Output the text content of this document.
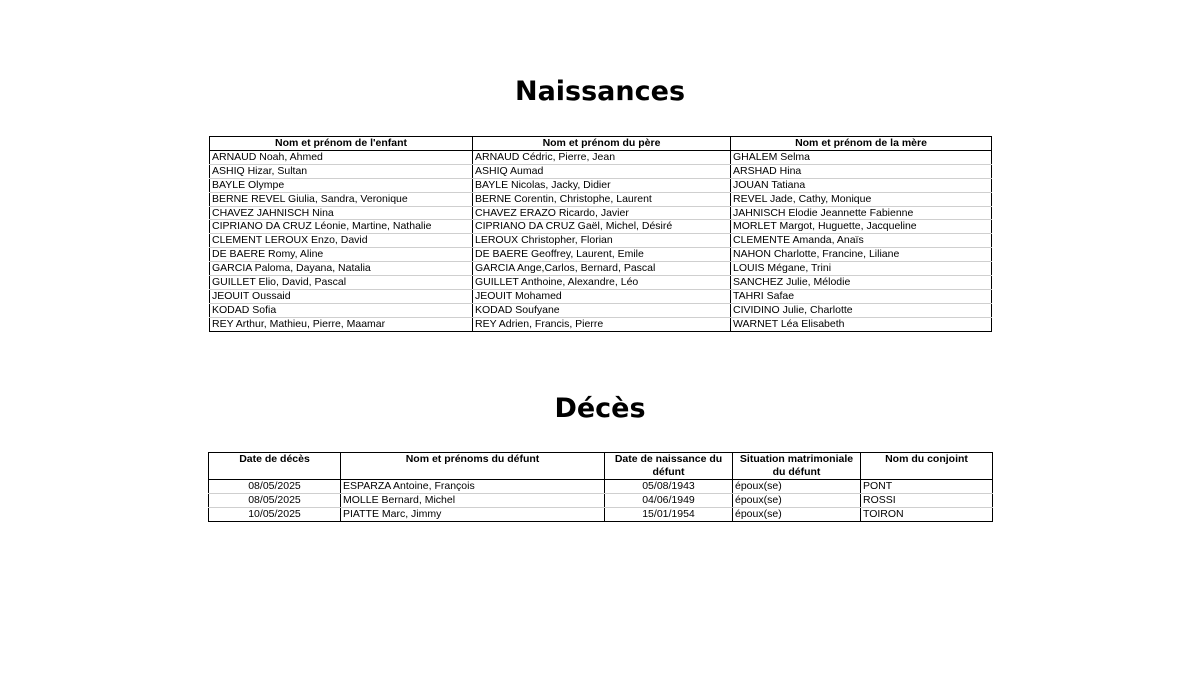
Naissances
Nom et prénom de l'enfant	Nom et prénom du père	Nom et prénom de la mère
ARNAUD Noah, Ahmed	ARNAUD Cédric, Pierre, Jean	GHALEM Selma
ASHIQ Hizar, Sultan	ASHIQ Aumad	ARSHAD Hina
BAYLE Olympe	BAYLE Nicolas, Jacky, Didier	JOUAN Tatiana
BERNE REVEL Giulia, Sandra, Veronique	BERNE Corentin, Christophe, Laurent	REVEL Jade, Cathy, Monique
CHAVEZ JAHNISCH Nina	CHAVEZ ERAZO Ricardo, Javier	JAHNISCH Elodie Jeannette Fabienne
CIPRIANO DA CRUZ Léonie, Martine, Nathalie	CIPRIANO DA CRUZ Gaël, Michel, Désiré	MORLET Margot, Huguette, Jacqueline
CLEMENT LEROUX Enzo, David	LEROUX Christopher, Florian	CLEMENTE Amanda, Anaïs
DE BAERE Romy, Aline	DE BAERE Geoffrey, Laurent, Emile	NAHON Charlotte, Francine, Liliane
GARCIA Paloma, Dayana, Natalia	GARCIA Ange,Carlos, Bernard, Pascal	LOUIS Mégane, Trini
GUILLET Elio, David, Pascal	GUILLET Anthoine, Alexandre, Léo	SANCHEZ Julie, Mélodie
JEOUIT Oussaid	JEOUIT Mohamed	TAHRI Safae
KODAD Sofia	KODAD Soufyane	CIVIDINO Julie, Charlotte
REY Arthur, Mathieu, Pierre, Maamar	REY Adrien, Francis, Pierre	WARNET Léa Elisabeth
Décès
Date de décès	Nom et prénoms du défunt	Date de naissance du défunt	Situation matrimoniale du défunt	Nom du conjoint
08/05/2025	ESPARZA Antoine, François	05/08/1943	époux(se)	PONT
08/05/2025	MOLLE Bernard, Michel	04/06/1949	époux(se)	ROSSI
10/05/2025	PIATTE Marc, Jimmy	15/01/1954	époux(se)	TOIRON
